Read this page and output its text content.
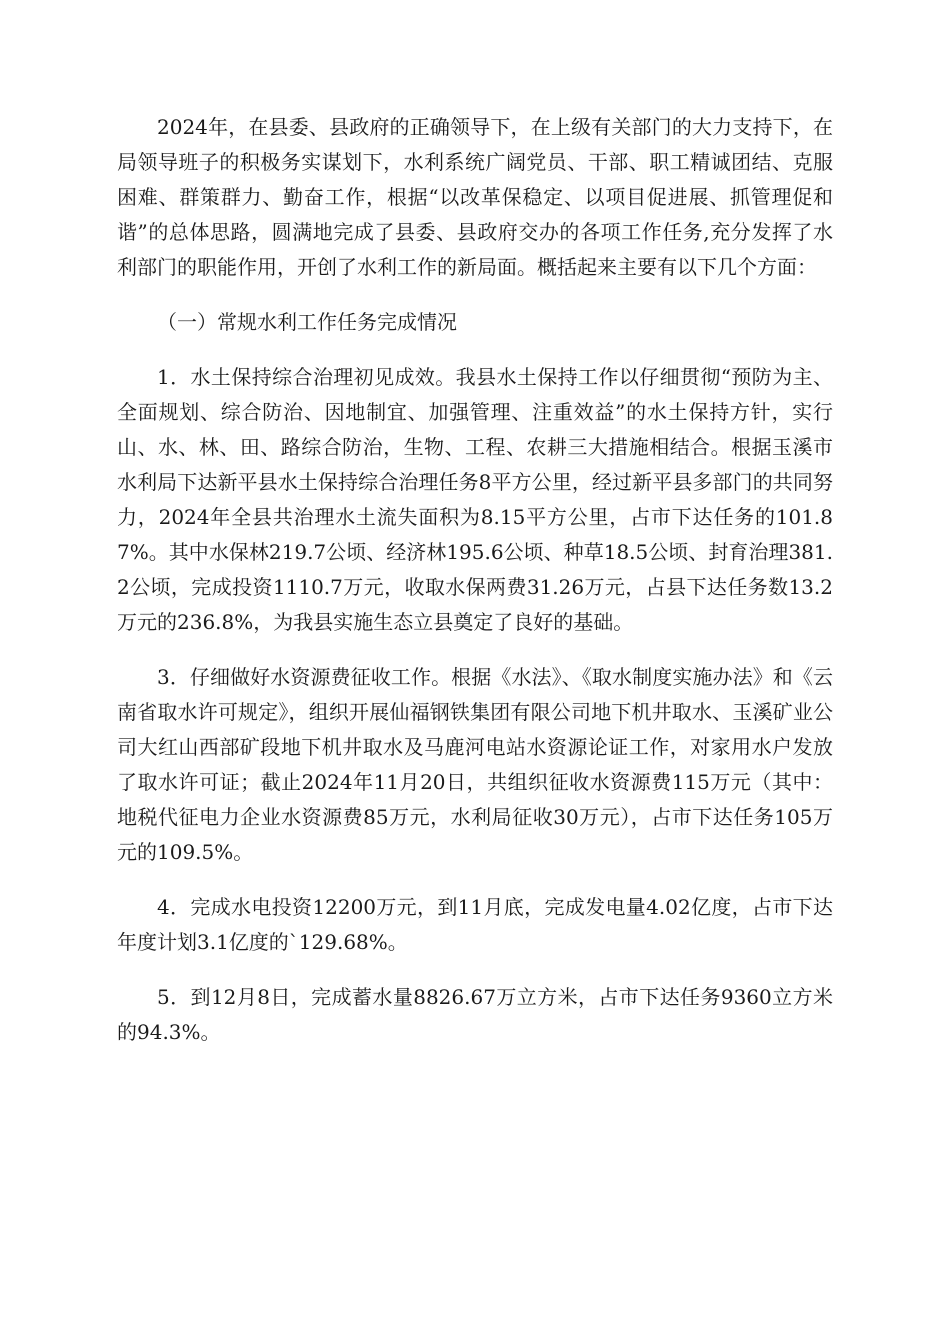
2024年，在县委、县政府的正确领导下，在上级有关部门的大力支持下，在局领导班子的积极务实谋划下，水利系统广阔党员、干部、职工精诚团结、克服困难、群策群力、勤奋工作，根据“以改革保稳定、以项目促进展、抓管理促和谐”的总体思路，圆满地完成了县委、县政府交办的各项工作任务,充分发挥了水利部门的职能作用，开创了水利工作的新局面。概括起来主要有以下几个方面：

（一）常规水利工作任务完成情况

1．水土保持综合治理初见成效。我县水土保持工作以仔细贯彻“预防为主、全面规划、综合防治、因地制宜、加强管理、注重效益”的水土保持方针，实行山、水、林、田、路综合防治，生物、工程、农耕三大措施相结合。根据玉溪市水利局下达新平县水土保持综合治理任务8平方公里，经过新平县多部门的共同努力，2024年全县共治理水土流失面积为8.15平方公里，占市下达任务的101.87%。其中水保林219.7公顷、经济林195.6公顷、种草18.5公顷、封育治理381.2公顷，完成投资1110.7万元，收取水保两费31.26万元，占县下达任务数13.2万元的236.8%，为我县实施生态立县奠定了良好的基础。

3．仔细做好水资源费征收工作。根据《水法》、《取水制度实施办法》和《云南省取水许可规定》，组织开展仙福钢铁集团有限公司地下机井取水、玉溪矿业公司大红山西部矿段地下机井取水及马鹿河电站水资源论证工作，对家用水户发放了取水许可证；截止2024年11月20日，共组织征收水资源费115万元（其中：地税代征电力企业水资源费85万元，水利局征收30万元），占市下达任务105万元的109.5%。

4．完成水电投资12200万元，到11月底，完成发电量4.02亿度，占市下达年度计划3.1亿度的`129.68%。

5．到12月8日，完成蓄水量8826.67万立方米，占市下达任务9360立方米的94.3%。
